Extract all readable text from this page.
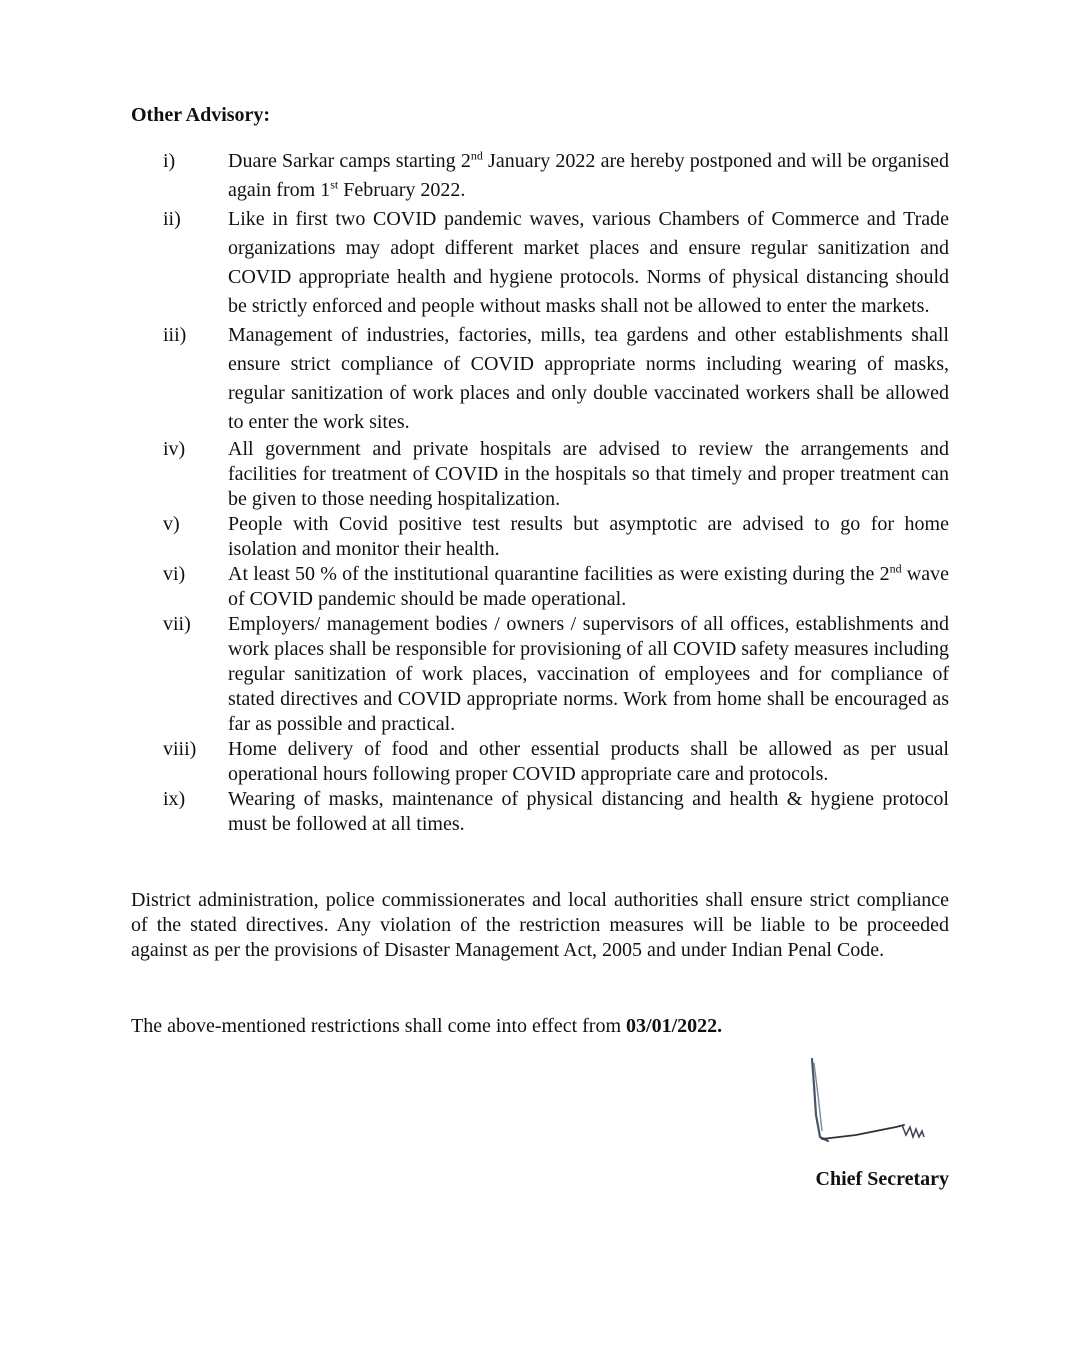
Other Advisory:
i)	Duare Sarkar camps starting 2nd January 2022 are hereby postponed and will be organised again from 1st February 2022.
ii)	Like in first two COVID pandemic waves, various Chambers of Commerce and Trade organizations may adopt different market places and ensure regular sanitization and COVID appropriate health and hygiene protocols. Norms of physical distancing should be strictly enforced and people without masks shall not be allowed to enter the markets.
iii)	Management of industries, factories, mills, tea gardens and other establishments shall ensure strict compliance of COVID appropriate norms including wearing of masks, regular sanitization of work places and only double vaccinated workers shall be allowed to enter the work sites.
iv)	All government and private hospitals are advised to review the arrangements and facilities for treatment of COVID in the hospitals so that timely and proper treatment can be given to those needing hospitalization.
v)	People with Covid positive test results but asymptotic are advised to go for home isolation and monitor their health.
vi)	At least 50 % of the institutional quarantine facilities as were existing during the 2nd wave of COVID pandemic should be made operational.
vii)	Employers/ management bodies / owners / supervisors of all offices, establishments and work places shall be responsible for provisioning of all COVID safety measures including regular sanitization of work places, vaccination of employees and for compliance of stated directives and COVID appropriate norms. Work from home shall be encouraged as far as possible and practical.
viii)	Home delivery of food and other essential products shall be allowed as per usual operational hours following proper COVID appropriate care and protocols.
ix)	Wearing of masks, maintenance of physical distancing and health & hygiene protocol must be followed at all times.
District administration, police commissionerates and local authorities shall ensure strict compliance of the stated directives. Any violation of the restriction measures will be liable to be proceeded against as per the provisions of Disaster Management Act, 2005 and under Indian Penal Code.
The above-mentioned restrictions shall come into effect from 03/01/2022.
Chief Secretary
